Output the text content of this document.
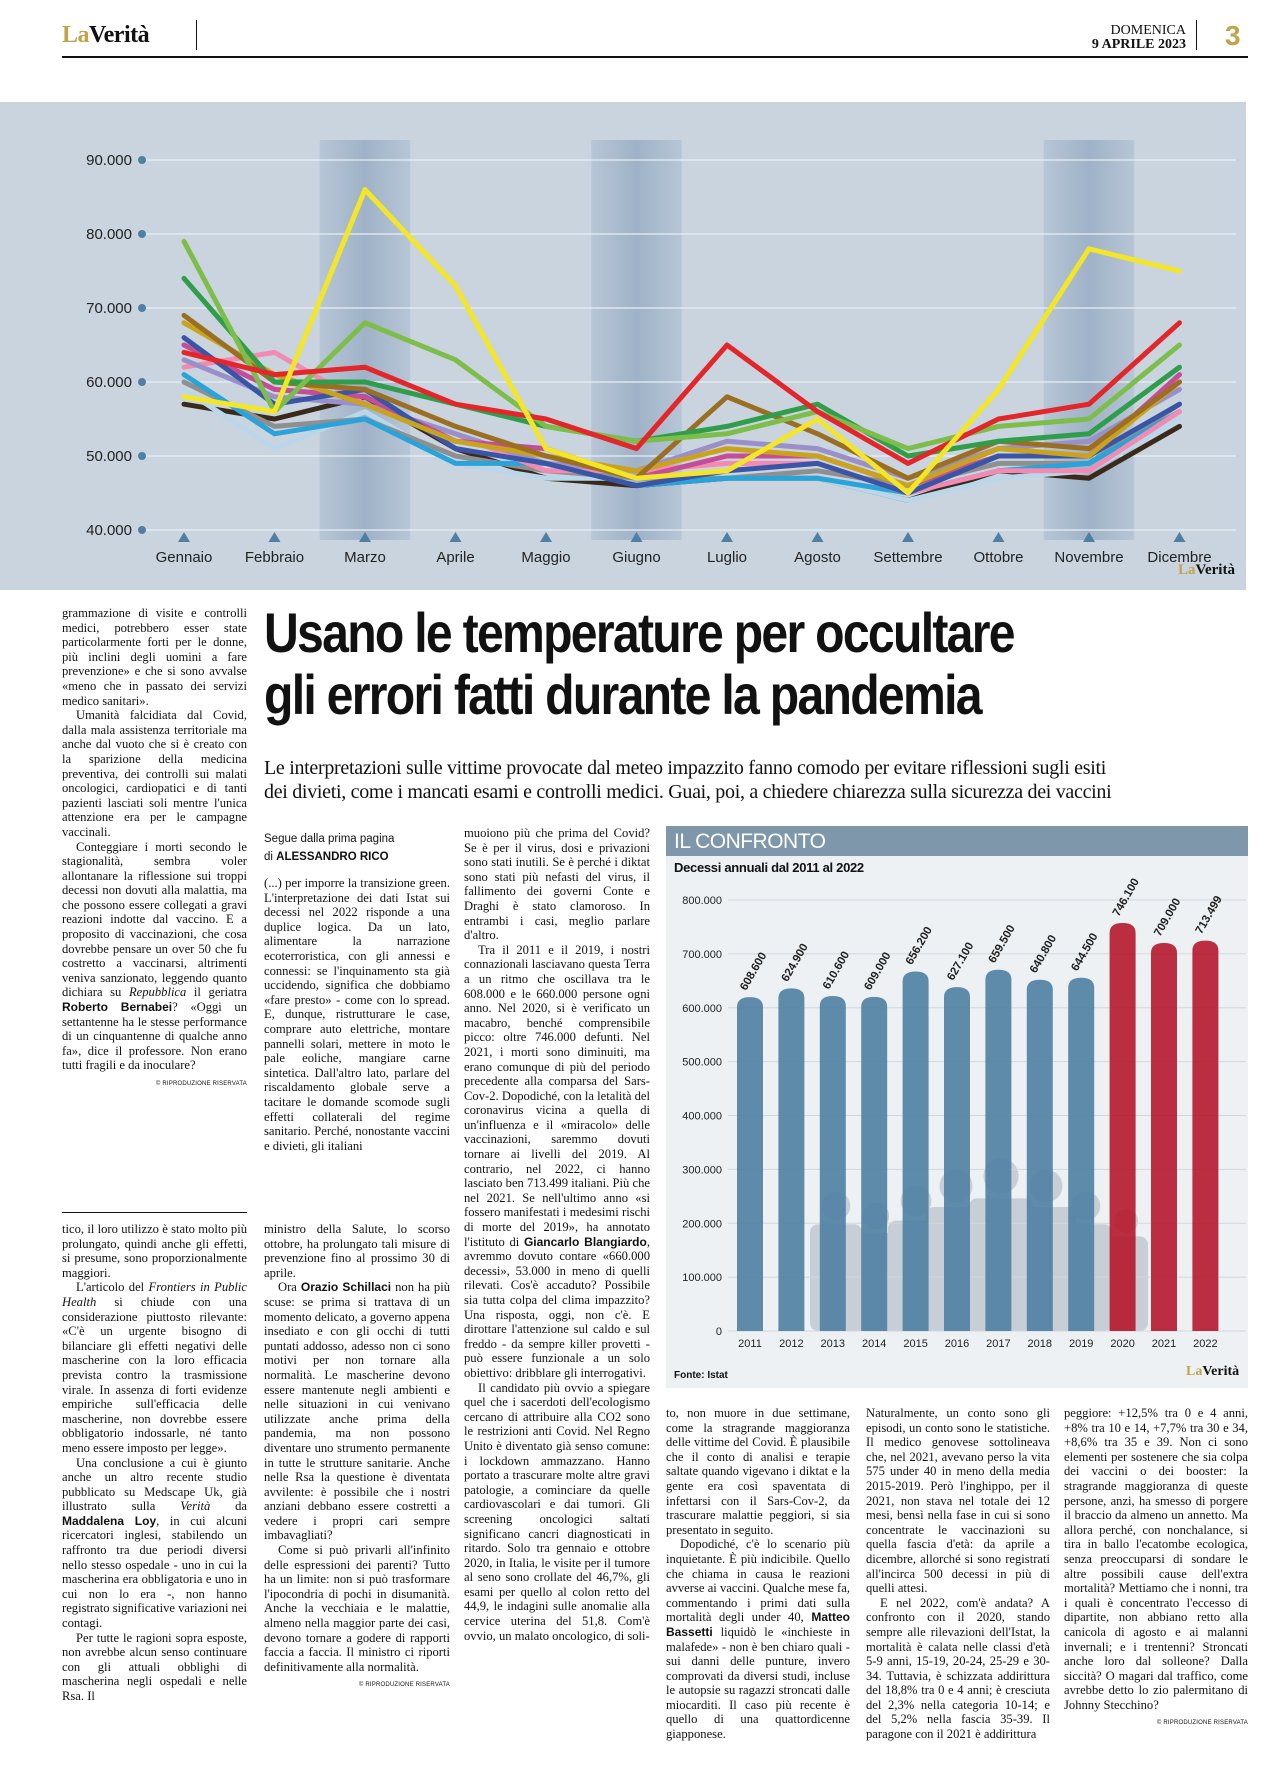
LaVerità	DOMENICA
9 APRILE 2023 3
90.000
80.000
70.000
60.000
50.000
40.000
Gennaio Febbraio	Marzo	Aprile	Maggio	Giugno	Luglio	Agosto Settembre Ottobre Novembre Dicembre
LaVerità
Usano le temperature per occultare
gli errori fatti durante la pandemia
Le interpretazioni sulle vittime provocate dal meteo impazzito fanno comodo per evitare riflessioni sugli esiti
dei divieti, come i mancati esami e controlli medici. Guai, poi, a chiedere chiarezza sulla sicurezza dei vaccini

grammazione di visite e controlli medici, potrebbero esser state particolarmente forti per le donne, più inclini degli uomini a fare prevenzione» e che si sono avvalse «meno che in passato dei servizi medico sanitari».

Umanità falcidiata dal Covid, dalla mala assistenza territoriale ma anche dal vuoto che si è creato con la sparizione della medicina preventiva, dei controlli sui malati oncologici, cardiopatici e di tanti pazienti lasciati soli mentre l'unica attenzione era per le campagne vaccinali.

Conteggiare i morti secondo le stagionalità, sembra voler allontanare la riflessione sui troppi decessi non dovuti alla malattia, ma che possono essere collegati a gravi reazioni indotte dal vaccino. E a proposito di vaccinazioni, che cosa dovrebbe pensare un over 50 che fu costretto a vaccinarsi, altrimenti veniva sanzionato, leggendo quanto dichiara su Repubblica il geriatra Roberto Bernabei? «Oggi un settantenne ha le stesse performance di un cinquantenne di qualche anno fa», dice il professore. Non erano tutti fragili e da inoculare?

© RIPRODUZIONE RISERVATA
Segue dalla prima pagina
di ALESSANDRO RICO

(...) per imporre la transizione green. L'interpretazione dei dati Istat sui decessi nel 2022 risponde a una duplice logica. Da un lato, alimentare la narrazione ecoterroristica, con gli annessi e connessi: se l'inquinamento sta già uccidendo, significa che dobbiamo «fare presto» - come con lo spread. E, dunque, ristrutturare le case, comprare auto elettriche, montare pannelli solari, mettere in moto le pale eoliche, mangiare carne sintetica. Dall'altro lato, parlare del riscaldamento globale serve a tacitare le domande scomode sugli effetti collaterali del regime sanitario. Perché, nonostante vaccini e divieti, gli italiani

muoiono più che prima del Covid? Se è per il virus, dosi e privazioni sono stati inutili. Se è perché i diktat sono stati più nefasti del virus, il fallimento dei governi Conte e Draghi è stato clamoroso. In entrambi i casi, meglio parlare d'altro.

Tra il 2011 e il 2019, i nostri connazionali lasciavano questa Terra a un ritmo che oscillava tra le 608.000 e le 660.000 persone ogni anno. Nel 2020, si è verificato un macabro, benché comprensibile picco: oltre 746.000 defunti. Nel 2021, i morti sono diminuiti, ma erano comunque di più del periodo precedente alla comparsa del Sars-Cov-2. Dopodiché, con la letalità del coronavirus vicina a quella di un'influenza e il «miracolo» delle vaccinazioni, saremmo dovuti tornare ai livelli del 2019. Al contrario, nel 2022, ci hanno lasciato ben 713.499 italiani. Più che nel 2021. Se nell'ultimo anno «si fossero manifestati i medesimi rischi di morte del 2019», ha annotato l'istituto di Giancarlo Blangiardo, avremmo dovuto contare «660.000 decessi», 53.000 in meno di quelli rilevati. Cos'è accaduto? Possibile sia tutta colpa del clima impazzito? Una risposta, oggi, non c'è. E dirottare l'attenzione sul caldo e sul freddo - da sempre killer provetti - può essere funzionale a un solo obiettivo: dribblare gli interrogativi.

Il candidato più ovvio a spiegare quel che i sacerdoti dell'ecologismo cercano di attribuire alla CO2 sono le restrizioni anti Covid. Nel Regno Unito è diventato già senso comune: i lockdown ammazzano. Hanno portato a trascurare molte altre gravi patologie, a cominciare da quelle cardiovascolari e dai tumori. Gli screening oncologici saltati significano cancri diagnosticati in ritardo. Solo tra gennaio e ottobre 2020, in Italia, le visite per il tumore al seno sono crollate del 46,7%, gli esami per quello al colon retto del 44,9, le indagini sulle anomalie alla cervice uterina del 51,8. Com'è ovvio, un malato oncologico, di soli-

800.000
700.000
600.000
500.000
400.000
300.000
200.000
100.000
0
608.600
2011
624.900
2012
610.600
2013
609.000
2014
656.200
2015
627.100
2016
659.500
2017
640.800
2018
644.500
2019
746.100
2020
709.000
2021
713.499
2022
IL CONFRONTO
Decessi annuali dal 2011 al 2022
Fonte: Istat	LaVerità

tico, il loro utilizzo è stato molto più prolungato, quindi anche gli effetti, si presume, sono proporzionalmente maggiori.

L'articolo del Frontiers in Public Health si chiude con una considerazione piuttosto rilevante: «C'è un urgente bisogno di bilanciare gli effetti negativi delle mascherine con la loro efficacia prevista contro la trasmissione virale. In assenza di forti evidenze empiriche sull'efficacia delle mascherine, non dovrebbe essere obbligatorio indossarle, né tanto meno essere imposto per legge».

Una conclusione a cui è giunto anche un altro recente studio pubblicato su Medscape Uk, già illustrato sulla Verità da Maddalena Loy, in cui alcuni ricercatori inglesi, stabilendo un raffronto tra due periodi diversi nello stesso ospedale - uno in cui la mascherina era obbligatoria e uno in cui non lo era -, non hanno registrato significative variazioni nei contagi.

Per tutte le ragioni sopra esposte, non avrebbe alcun senso continuare con gli attuali obblighi di mascherina negli ospedali e nelle Rsa. Il

ministro della Salute, lo scorso ottobre, ha prolungato tali misure di prevenzione fino al prossimo 30 di aprile.

Ora Orazio Schillaci non ha più scuse: se prima si trattava di un momento delicato, a governo appena insediato e con gli occhi di tutti puntati addosso, adesso non ci sono motivi per non tornare alla normalità. Le mascherine devono essere mantenute negli ambienti e nelle situazioni in cui venivano utilizzate anche prima della pandemia, ma non possono diventare uno strumento permanente in tutte le strutture sanitarie. Anche nelle Rsa la questione è diventata avvilente: è possibile che i nostri anziani debbano essere costretti a vedere i propri cari sempre imbavagliati?

Come si può privarli all'infinito delle espressioni dei parenti? Tutto ha un limite: non si può trasformare l'ipocondria di pochi in disumanità. Anche la vecchiaia e le malattie, almeno nella maggior parte dei casi, devono tornare a godere di rapporti faccia a faccia. Il ministro ci riporti definitivamente alla normalità.

© RIPRODUZIONE RISERVATA

to, non muore in due settimane, come la stragrande maggioranza delle vittime del Covid. È plausibile che il conto di analisi e terapie saltate quando vigevano i diktat e la gente era così spaventata di infettarsi con il Sars-Cov-2, da trascurare malattie peggiori, si sia presentato in seguito.

Dopodiché, c'è lo scenario più inquietante. È più indicibile. Quello che chiama in causa le reazioni avverse ai vaccini. Qualche mese fa, commentando i primi dati sulla mortalità degli under 40, Matteo Bassetti liquidò le «inchieste in malafede» - non è ben chiaro quali - sui danni delle punture, invero comprovati da diversi studi, incluse le autopsie su ragazzi stroncati dalle miocarditi. Il caso più recente è quello di una quattordicenne giapponese.

Naturalmente, un conto sono gli episodi, un conto sono le statistiche. Il medico genovese sottolineava che, nel 2021, avevano perso la vita 575 under 40 in meno della media 2015-2019. Però l'inghippo, per il 2021, non stava nel totale dei 12 mesi, bensì nella fase in cui si sono concentrate le vaccinazioni su quella fascia d'età: da aprile a dicembre, allorché si sono registrati all'incirca 500 decessi in più di quelli attesi.

E nel 2022, com'è andata? A confronto con il 2020, stando sempre alle rilevazioni dell'Istat, la mortalità è calata nelle classi d'età 5-9 anni, 15-19, 20-24, 25-29 e 30-34. Tuttavia, è schizzata addirittura del 18,8% tra 0 e 4 anni; è cresciuta del 2,3% nella categoria 10-14; e del 5,2% nella fascia 35-39. Il paragone con il 2021 è addirittura

peggiore: +12,5% tra 0 e 4 anni, +8% tra 10 e 14, +7,7% tra 30 e 34, +8,6% tra 35 e 39. Non ci sono elementi per sostenere che sia colpa dei vaccini o dei booster: la stragrande maggioranza di queste persone, anzi, ha smesso di porgere il braccio da almeno un annetto. Ma allora perché, con nonchalance, si tira in ballo l'ecatombe ecologica, senza preoccuparsi di sondare le altre possibili cause dell'extra mortalità? Mettiamo che i nonni, tra i quali è concentrato l'eccesso di dipartite, non abbiano retto alla canicola di agosto e ai malanni invernali; e i trentenni? Stroncati anche loro dal solleone? Dalla siccità? O magari dal traffico, come avrebbe detto lo zio palermitano di Johnny Stecchino?

© RIPRODUZIONE RISERVATA
